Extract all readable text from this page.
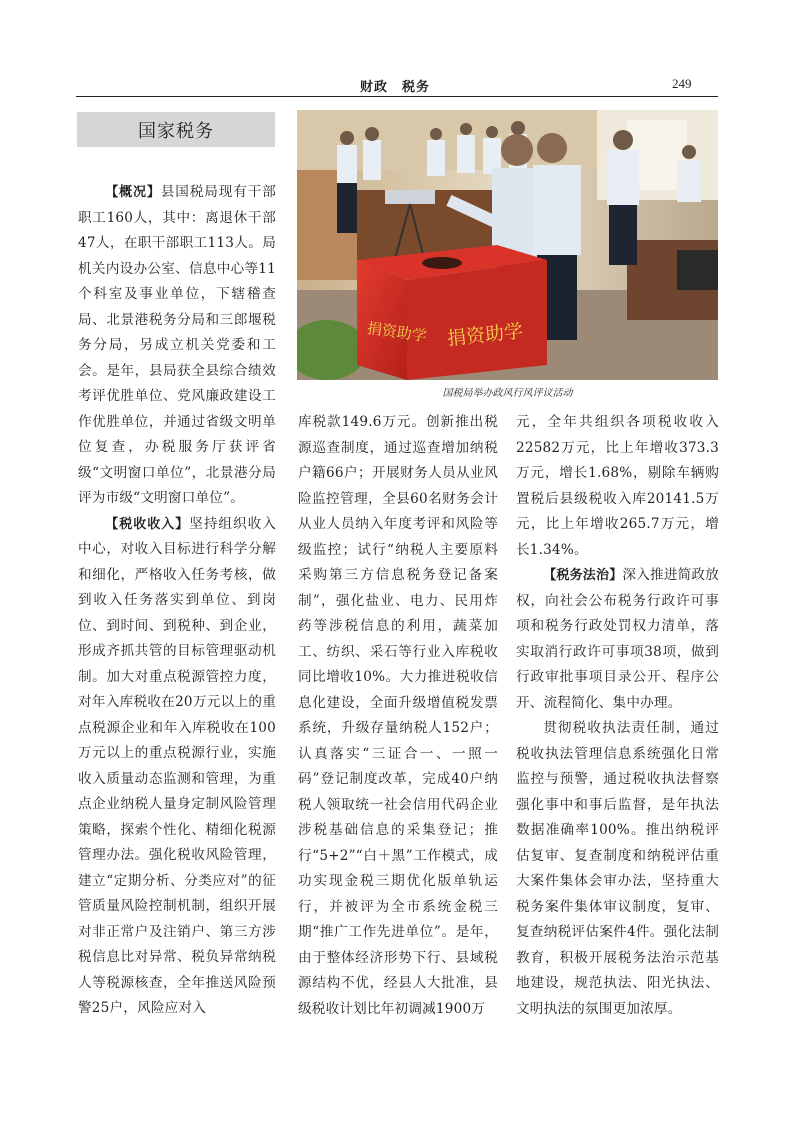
财政　税务	249
国家税务
捐资助学 捐资助学
国税局举办政风行风评议活动

【概况】县国税局现有干部职工160人，其中：离退休干部47人，在职干部职工113人。局机关内设办公室、信息中心等11个科室及事业单位，下辖稽查局、北景港税务分局和三郎堰税务分局，另成立机关党委和工会。是年，县局获全县综合绩效考评优胜单位、党风廉政建设工作优胜单位，并通过省级文明单位复查，办税服务厅获评省级“文明窗口单位”，北景港分局评为市级“文明窗口单位”。

【税收收入】坚持组织收入中心，对收入目标进行科学分解和细化，严格收入任务考核，做到收入任务落实到单位、到岗位、到时间、到税种、到企业，形成齐抓共管的目标管理驱动机制。加大对重点税源管控力度，对年入库税收在20万元以上的重点税源企业和年入库税收在100万元以上的重点税源行业，实施收入质量动态监测和管理，为重点企业纳税人量身定制风险管理策略，探索个性化、精细化税源管理办法。强化税收风险管理，建立“定期分析、分类应对”的征管质量风险控制机制，组织开展对非正常户及注销户、第三方涉税信息比对异常、税负异常纳税人等税源核查，全年推送风险预警25户，风险应对入

库税款149.6万元。创新推出税源巡查制度，通过巡查增加纳税户籍66户；开展财务人员从业风险监控管理，全县60名财务会计从业人员纳入年度考评和风险等级监控；试行“纳税人主要原料采购第三方信息税务登记备案制”，强化盐业、电力、民用炸药等涉税信息的利用，蔬菜加工、纺织、采石等行业入库税收同比增收10%。大力推进税收信息化建设，全面升级增值税发票系统，升级存量纳税人152户；认真落实“三证合一、一照一码”登记制度改革，完成40户纳税人领取统一社会信用代码企业涉税基础信息的采集登记；推行“5+2”“白＋黑”工作模式，成功实现金税三期优化版单轨运行，并被评为全市系统金税三期“推广工作先进单位”。是年，由于整体经济形势下行、县域税源结构不优，经县人大批准，县级税收计划比年初调减1900万

元，全年共组织各项税收收入22582万元，比上年增收373.3万元，增长1.68%，剔除车辆购置税后县级税收入库20141.5万元，比上年增收265.7万元，增长1.34%。

【税务法治】深入推进简政放权，向社会公布税务行政许可事项和税务行政处罚权力清单，落实取消行政许可事项38项，做到行政审批事项目录公开、程序公开、流程简化、集中办理。

贯彻税收执法责任制，通过税收执法管理信息系统强化日常监控与预警，通过税收执法督察强化事中和事后监督，是年执法数据准确率100%。推出纳税评估复审、复查制度和纳税评估重大案件集体会审办法，坚持重大税务案件集体审议制度，复审、复查纳税评估案件4件。强化法制教育，积极开展税务法治示范基地建设，规范执法、阳光执法、文明执法的氛围更加浓厚。
